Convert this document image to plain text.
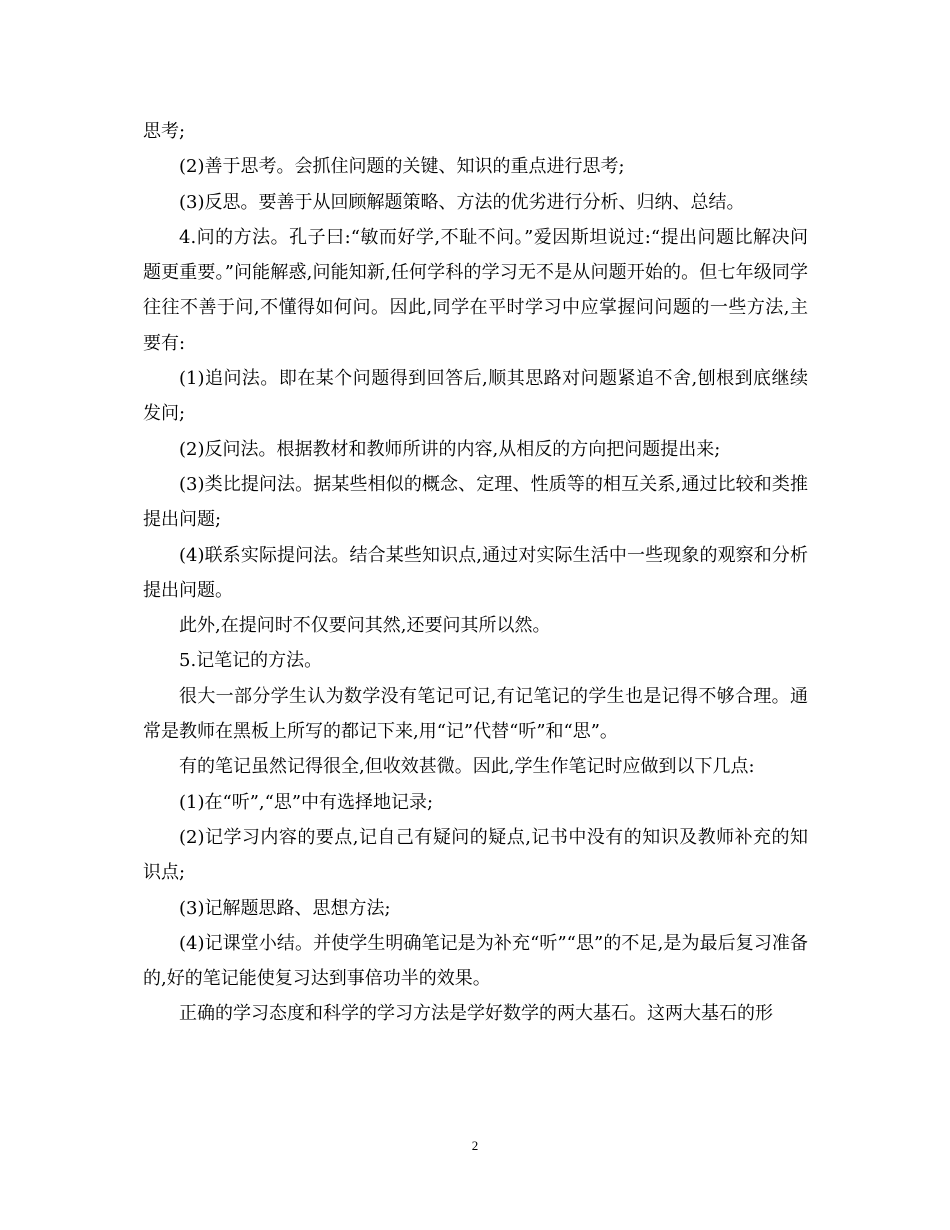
思考;

(2)善于思考。会抓住问题的关键、知识的重点进行思考;

(3)反思。要善于从回顾解题策略、方法的优劣进行分析、归纳、总结。

4.问的方法。孔子曰:“敏而好学,不耻不问。”爱因斯坦说过:“提出问题比解决问题更重要。”问能解惑,问能知新,任何学科的学习无不是从问题开始的。但七年级同学往往不善于问,不懂得如何问。因此,同学在平时学习中应掌握问问题的一些方法,主要有:

(1)追问法。即在某个问题得到回答后,顺其思路对问题紧追不舍,刨根到底继续发问;

(2)反问法。根据教材和教师所讲的内容,从相反的方向把问题提出来;

(3)类比提问法。据某些相似的概念、定理、性质等的相互关系,通过比较和类推提出问题;

(4)联系实际提问法。结合某些知识点,通过对实际生活中一些现象的观察和分析提出问题。

此外,在提问时不仅要问其然,还要问其所以然。

5.记笔记的方法。

很大一部分学生认为数学没有笔记可记,有记笔记的学生也是记得不够合理。通常是教师在黑板上所写的都记下来,用“记”代替“听”和“思”。

有的笔记虽然记得很全,但收效甚微。因此,学生作笔记时应做到以下几点:

(1)在“听”,“思”中有选择地记录;

(2)记学习内容的要点,记自己有疑问的疑点,记书中没有的知识及教师补充的知识点;

(3)记解题思路、思想方法;

(4)记课堂小结。并使学生明确笔记是为补充“听”“思”的不足,是为最后复习准备的,好的笔记能使复习达到事倍功半的效果。

正确的学习态度和科学的学习方法是学好数学的两大基石。这两大基石的形

2
